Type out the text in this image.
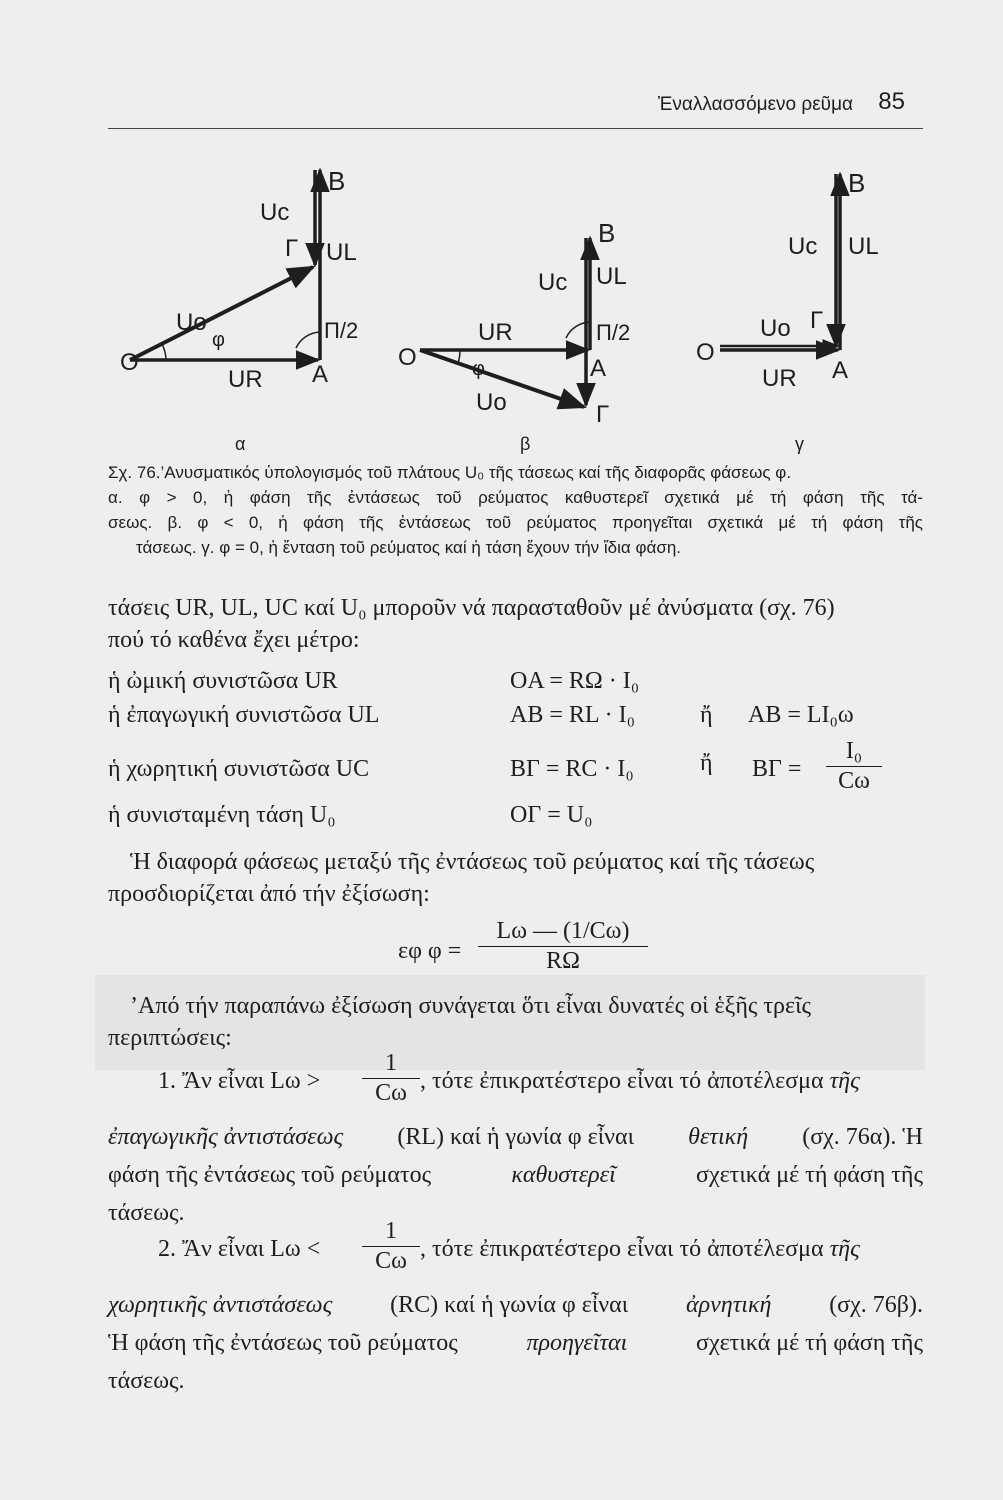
Ἐναλλασσόμενο ρεῦμα 85
O
UR A
B
Uc
Γ UL
Uo
φ	Π/2
α
O
UR
A
B
UL
Uc
Π/2
φ
Uo	Γ
β
O
UR A
B
Uc UL
Uo Γ
γ
Σχ. 76.’Ανυσματικός ὑπολογισμός τοῦ πλάτους U₀ τῆς τάσεως καί τῆς διαφορᾶς φάσεως φ.
α. φ > 0, ἡ φάση τῆς ἐντάσεως τοῦ ρεύματος καθυστερεῖ σχετικά μέ τή φάση τῆς τά-
σεως. β. φ < 0, ἡ φάση τῆς ἐντάσεως τοῦ ρεύματος προηγεῖται σχετικά μέ τή φάση τῆς
τάσεως. γ. φ = 0, ἡ ἔνταση τοῦ ρεύματος καί ἡ τάση ἔχουν τήν ἴδια φάση.
τάσεις UR, UL, UC καί U₀ μποροῦν νά παρασταθοῦν μέ ἀνύσματα (σχ. 76)
πού τό καθένα ἔχει μέτρο:
ἡ ὠμική συνιστῶσα UR	OA = RΩ · I₀
ἡ ἐπαγωγική συνιστῶσα UL	AB = RL · I₀	ἤ AB = LI₀ω
ἡ χωρητική συνιστῶσα UC	BΓ = RC · I₀	ἤ $B\Gamma = \frac{\text{I₀}}{C\omega}$
ἡ συνισταμένη τάση U₀	OΓ = U₀
Ἡ διαφορά φάσεως μεταξύ τῆς ἐντάσεως τοῦ ρεύματος καί τῆς τάσεως
προσδιορίζεται ἀπό τήν ἐξίσωση:
εφ $\varphi = \frac{L\omega — (1/C\omega)}{R\Omega}$
’Από τήν παραπάνω ἐξίσωση συνάγεται ὅτι εἶναι δυνατές οἱ ἑξῆς τρεῖς
περιπτώσεις:
1. Ἄν εἶναι $L\omega > \frac{1}{C\omega}$ , τότε ἐπικρατέστερο εἶναι τό ἀποτέλεσμα τῆς
ἐπαγωγικῆς ἀντιστάσεως (RL) καί ἡ γωνία φ εἶναι θετική (σχ. 76α). Ἡ
φάση τῆς ἐντάσεως τοῦ ρεύματος	καθυστερεῖ	σχετικά μέ τή φάση τῆς
τάσεως.
2. Ἄν εἶναι $L\omega < \frac{1}{C\omega}$ , τότε ἐπικρατέστερο εἶναι τό ἀποτέλεσμα τῆς
χωρητικῆς ἀντιστάσεως (RC) καί ἡ γωνία φ εἶναι ἀρνητική (σχ. 76β).
Ἡ φάση τῆς ἐντάσεως τοῦ ρεύματος	προηγεῖται	σχετικά μέ τή φάση τῆς
τάσεως.
